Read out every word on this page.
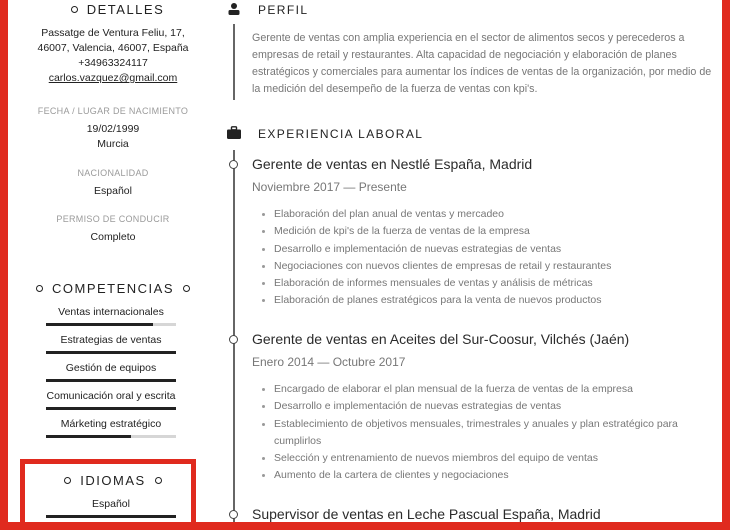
DETALLES
Passatge de Ventura Feliu, 17,
46007, Valencia, 46007, España
+34963324117
carlos.vazquez@gmail.com
FECHA / LUGAR DE NACIMIENTO
19/02/1999
Murcia
NACIONALIDAD
Español
PERMISO DE CONDUCIR
Completo
COMPETENCIAS
Ventas internacionales
Estrategias de ventas
Gestión de equipos
Comunicación oral y escrita
Márketing estratégico
IDIOMAS
Español
PERFIL
Gerente de ventas con amplia experiencia en el sector de alimentos secos y perecederos a empresas de retail y restaurantes. Alta capacidad de negociación y elaboración de planes estratégicos y comerciales para aumentar los índices de ventas de la organización, por medio de la medición del desempeño de la fuerza de ventas con kpi's.
EXPERIENCIA LABORAL
Gerente de ventas en Nestlé España, Madrid
Noviembre 2017 — Presente
Elaboración del plan anual de ventas y mercadeo
Medición de kpi's de la fuerza de ventas de la empresa
Desarrollo e implementación de nuevas estrategias de ventas
Negociaciones con nuevos clientes de empresas de retail y restaurantes
Elaboración de informes mensuales de ventas y análisis de métricas
Elaboración de planes estratégicos para la venta de nuevos productos
Gerente de ventas en Aceites del Sur-Coosur, Vilchés (Jaén)
Enero 2014 — Octubre 2017
Encargado de elaborar el plan mensual de la fuerza de ventas de la empresa
Desarrollo e implementación de nuevas estrategias de ventas
Establecimiento de objetivos mensuales, trimestrales y anuales y plan estratégico para cumplirlos
Selección y entrenamiento de nuevos miembros del equipo de ventas
Aumento de la cartera de clientes y negociaciones
Supervisor de ventas en Leche Pascual España, Madrid
